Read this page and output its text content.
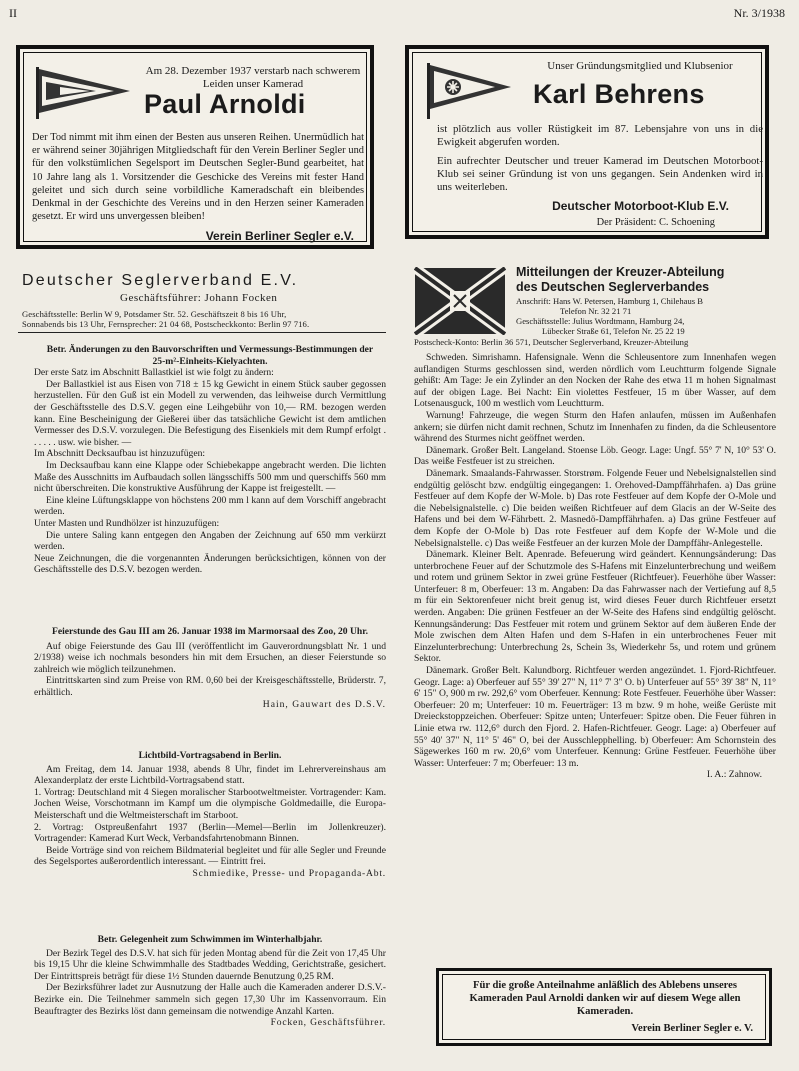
II	Nr. 3/1938
Am 28. Dezember 1937 verstarb nach schwerem Leiden unser Kamerad
Paul Arnoldi
Der Tod nimmt mit ihm einen der Besten aus unseren Reihen. Unermüdlich hat er während seiner 30jährigen Mitgliedschaft für den Verein Berliner Segler und für den volkstümlichen Segelsport im Deutschen Segler-Bund gearbeitet, hat 10 Jahre lang als 1. Vorsitzender die Geschicke des Vereins mit fester Hand geleitet und sich durch seine vorbildliche Kameradschaft ein bleibendes Denkmal in der Geschichte des Vereins und in den Herzen seiner Kameraden gesetzt. Er wird uns unvergessen bleiben!
Verein Berliner Segler e.V.
Unser Gründungsmitglied und Klubsenior
Karl Behrens
ist plötzlich aus voller Rüstigkeit im 87. Lebensjahre von uns in die Ewigkeit abgerufen worden.
Ein aufrechter Deutscher und treuer Kamerad im Deutschen Motorboot-Klub sei seiner Gründung ist von uns gegangen. Sein Andenken wird in uns weiterleben.
Deutscher Motorboot-Klub E.V.
Der Präsident: C. Schoening
Deutscher Seglerverband E.V.
Geschäftsführer: Johann Focken
Geschäftsstelle: Berlin W 9, Potsdamer Str. 52. Geschäftszeit 8 bis 16 Uhr,
Sonnabends bis 13 Uhr, Fernsprecher: 21 04 68, Postscheckkonto: Berlin 97 716.

Betr. Änderungen zu den Bauvorschriften und Vermessungs-Bestimmungen der 25-m²-Einheits-Kielyachten.

Der erste Satz im Abschnitt Ballastkiel ist wie folgt zu ändern:

Der Ballastkiel ist aus Eisen von 718 ± 15 kg Gewicht in einem Stück sauber gegossen herzustellen. Für den Guß ist ein Modell zu verwenden, das leihweise durch Vermittlung der Geschäftsstelle des D.S.V. gegen eine Leihgebühr von 10,— RM. bezogen werden kann. Eine Bescheinigung der Gießerei über das tatsächliche Gewicht ist dem amtlichen Vermesser des D.S.V. vorzulegen. Die Befestigung des Eisenkiels mit dem Rumpf erfolgt . . . . . . usw. wie bisher. —

Im Abschnitt Decksaufbau ist hinzuzufügen:

Im Decksaufbau kann eine Klappe oder Schiebekappe angebracht werden. Die lichten Maße des Ausschnitts im Aufbaudach sollen längsschiffs 500 mm und querschiffs 560 mm nicht überschreiten. Die konstruktive Ausführung der Kappe ist freigestellt. —

Eine kleine Lüftungsklappe von höchstens 200 mm l kann auf dem Vorschiff angebracht werden.

Unter Masten und Rundhölzer ist hinzuzufügen:

Die untere Saling kann entgegen den Angaben der Zeichnung auf 650 mm verkürzt werden.

Neue Zeichnungen, die die vorgenannten Änderungen berücksichtigen, können von der Geschäftsstelle des D.S.V. bezogen werden.

Feierstunde des Gau III am 26. Januar 1938 im Marmorsaal des Zoo, 20 Uhr.

Auf obige Feierstunde des Gau III (veröffentlicht im Gauverordnungsblatt Nr. 1 und 2/1938) weise ich nochmals besonders hin mit dem Ersuchen, an dieser Feierstunde so zahlreich wie möglich teilzunehmen.

Eintrittskarten sind zum Preise von RM. 0,60 bei der Kreisgeschäftsstelle, Brüderstr. 7, erhältlich.

Hain, Gauwart des D.S.V.

Lichtbild-Vortragsabend in Berlin.

Am Freitag, dem 14. Januar 1938, abends 8 Uhr, findet im Lehrervereinshaus am Alexanderplatz der erste Lichtbild-Vortragsabend statt.

1. Vortrag: Deutschland mit 4 Siegen moralischer Starbootweltmeister. Vortragender: Kam. Jochen Weise, Vorschotmann im Kampf um die olympische Goldmedaille, die Europa-Meisterschaft und die Weltmeisterschaft im Starboot.

2. Vortrag: Ostpreußenfahrt 1937 (Berlin—Memel—Berlin im Jollenkreuzer). Vortragender: Kamerad Kurt Weck, Verbandsfahrtenobmann Binnen.

Beide Vorträge sind von reichem Bildmaterial begleitet und für alle Segler und Freunde des Segelsportes außerordentlich interessant. — Eintritt frei.

Schmiedike, Presse- und Propaganda-Abt.

Betr. Gelegenheit zum Schwimmen im Winterhalbjahr.

Der Bezirk Tegel des D.S.V. hat sich für jeden Montag abend für die Zeit von 17,45 Uhr bis 19,15 Uhr die kleine Schwimmhalle des Stadtbades Wedding, Gerichtstraße, gesichert. Der Eintrittspreis beträgt für diese 1½ Stunden dauernde Benutzung 0,25 RM.

Der Bezirksführer ladet zur Ausnutzung der Halle auch die Kameraden anderer D.S.V.-Bezirke ein. Die Teilnehmer sammeln sich gegen 17,30 Uhr im Kassenvorraum. Ein Beauftragter des Bezirks löst dann gemeinsam die notwendige Anzahl Karten.

Focken, Geschäftsführer.

Mitteilungen der Kreuzer-Abteilung
des Deutschen Seglerverbandes
Anschrift: Hans W. Petersen, Hamburg 1, Chilehaus B
Telefon Nr. 32 21 71
Geschäftsstelle: Julius Wordtmann, Hamburg 24,
Lübecker Straße 61, Telefon Nr. 25 22 19
Postscheck-Konto: Berlin 36 571, Deutscher Seglerverband, Kreuzer-Abteilung

Schweden. Simrishamn. Hafensignale. Wenn die Schleusentore zum Innenhafen wegen auflandigen Sturms geschlossen sind, werden nördlich vom Leuchtturm folgende Signale gehißt: Am Tage: Je ein Zylinder an den Nocken der Rahe des etwa 11 m hohen Signalmast auf der obigen Lage. Bei Nacht: Ein violettes Festfeuer, 15 m über Wasser, auf dem Lotsenausguck, 100 m westlich vom Leuchtturm.

Warnung! Fahrzeuge, die wegen Sturm den Hafen anlaufen, müssen im Außenhafen ankern; sie dürfen nicht damit rechnen, Schutz im Innenhafen zu finden, da die Schleusentore während des Sturmes nicht geöffnet werden.

Dänemark. Großer Belt. Langeland. Stoense Löb. Geogr. Lage: Ungf. 55° 7' N, 10° 53' O. Das weiße Festfeuer ist zu streichen.

Dänemark. Smaalands-Fahrwasser. Storstrøm. Folgende Feuer und Nebelsignalstellen sind endgültig gelöscht bzw. endgültig eingegangen: 1. Orehoved-Dampffährhafen. a) Das grüne Festfeuer auf dem Kopfe der W-Mole. b) Das rote Festfeuer auf dem Kopfe der O-Mole und die Nebelsignalstelle. c) Die beiden weißen Richtfeuer auf dem Glacis an der W-Seite des Hafens und bei dem W-Fährbett. 2. Masnedö-Dampffährhafen. a) Das grüne Festfeuer auf dem Kopfe der O-Mole b) Das rote Festfeuer auf dem Kopfe der W-Mole und die Nebelsignalstelle. c) Das weiße Festfeuer an der kurzen Mole der Dampffähr-Anlegestelle.

Dänemark. Kleiner Belt. Apenrade. Befeuerung wird geändert. Kennungsänderung: Das unterbrochene Feuer auf der Schutzmole des S-Hafens mit Einzelunterbrechung und weißem und rotem und grünem Sektor in zwei grüne Festfeuer (Richtfeuer). Feuerhöhe über Wasser: Unterfeuer: 8 m, Oberfeuer: 13 m. Angaben: Da das Fahrwasser nach der Vertiefung auf 8,5 m für ein Sektorenfeuer nicht breit genug ist, wird dieses Feuer durch Richtfeuer ersetzt werden. Angaben: Die grünen Festfeuer an der W-Seite des Hafens sind endgültig gelöscht. Kennungsänderung: Das Festfeuer mit rotem und grünem Sektor auf dem äußeren Ende der Mole zwischen dem Alten Hafen und dem S-Hafen in ein unterbrochenes Feuer mit Einzelunterbrechung: Unterbrechung 2s, Schein 3s, Wiederkehr 5s, und rotem und grünem Sektor.

Dänemark. Großer Belt. Kalundborg. Richtfeuer werden angezündet. 1. Fjord-Richtfeuer. Geogr. Lage: a) Oberfeuer auf 55° 39' 27" N, 11° 7' 3" O. b) Unterfeuer auf 55° 39' 38" N, 11° 6' 15" O, 900 m rw. 292,6° vom Oberfeuer. Kennung: Rote Festfeuer. Feuerhöhe über Wasser: Oberfeuer: 20 m; Unterfeuer: 10 m. Feuerträger: 13 m bzw. 9 m hohe, weiße Gerüste mit Dreieckstoppzeichen. Oberfeuer: Spitze unten; Unterfeuer: Spitze oben. Die Feuer führen in Linie etwa rw. 112,6° durch den Fjord. 2. Hafen-Richtfeuer. Geogr. Lage: a) Oberfeuer auf 55° 40' 37" N, 11° 5' 46" O, bei der Ausschlepphelling. b) Oberfeuer: Am Schornstein des Sägewerkes 160 m rw. 20,6° vom Unterfeuer. Kennung: Grüne Festfeuer. Feuerhöhe über Wasser: Unterfeuer: 7 m; Oberfeuer: 13 m.

I. A.: Zahnow.

Für die große Anteilnahme anläßlich des Ablebens unseres Kameraden Paul Arnoldi danken wir auf diesem Wege allen Kameraden.
Verein Berliner Segler e. V.
